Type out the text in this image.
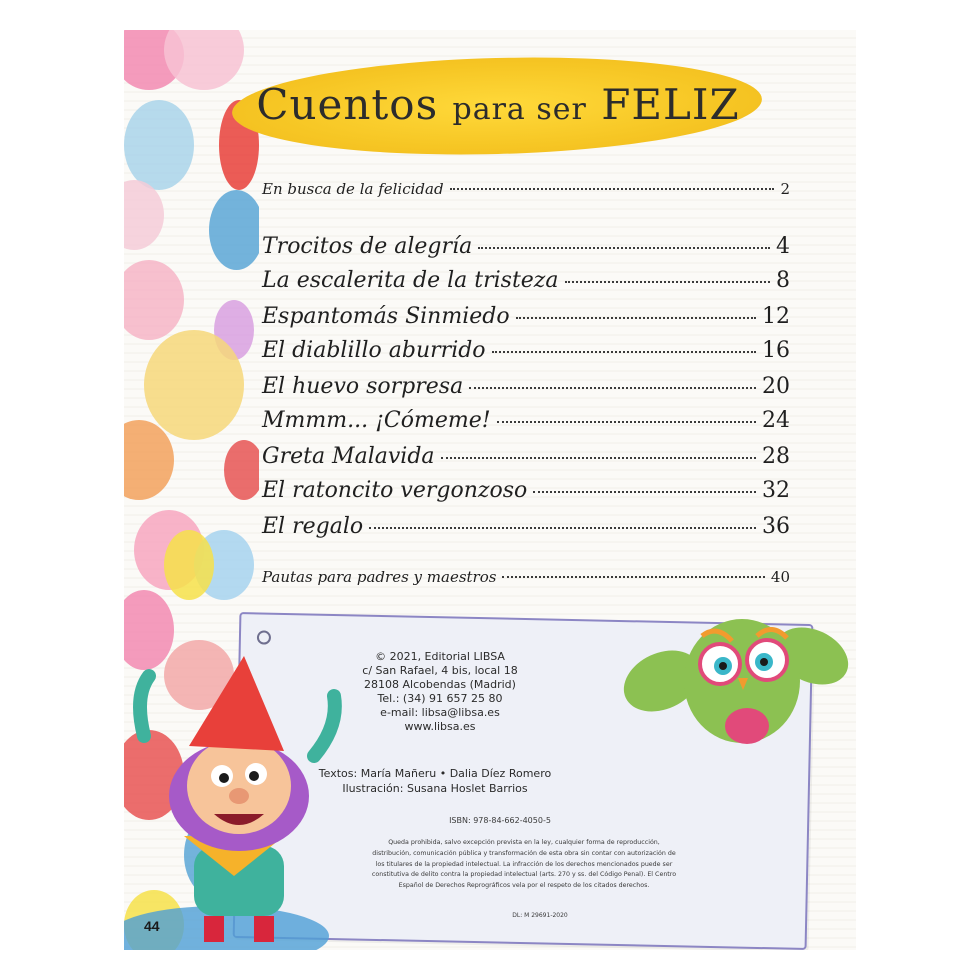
Cuentos para ser FELIZ
En busca de la felicidad	2
Trocitos de alegría	4
La escalerita de la tristeza	8
Espantomás Sinmiedo	12
El diablillo aburrido	16
El huevo sorpresa	20
Mmmm... ¡Cómeme!	24
Greta Malavida	28
El ratoncito vergonzoso	32
El regalo	36
Pautas para padres y maestros	40
44
© 2021, Editorial LIBSA
c/ San Rafael, 4 bis, local 18
28108 Alcobendas (Madrid)
Tel.: (34) 91 657 25 80
e-mail: libsa@libsa.es
www.libsa.es
Textos: María Mañeru • Dalia Díez Romero
Ilustración: Susana Hoslet Barrios
ISBN: 978-84-662-4050-5
Queda prohibida, salvo excepción prevista en la ley, cualquier forma de reproducción,
distribución, comunicación pública y transformación de esta obra sin contar con autorización de
los titulares de la propiedad intelectual. La infracción de los derechos mencionados puede ser
constitutiva de delito contra la propiedad intelectual (arts. 270 y ss. del Código Penal). El Centro
Español de Derechos Reprográficos vela por el respeto de los citados derechos.
DL: M 29691-2020
